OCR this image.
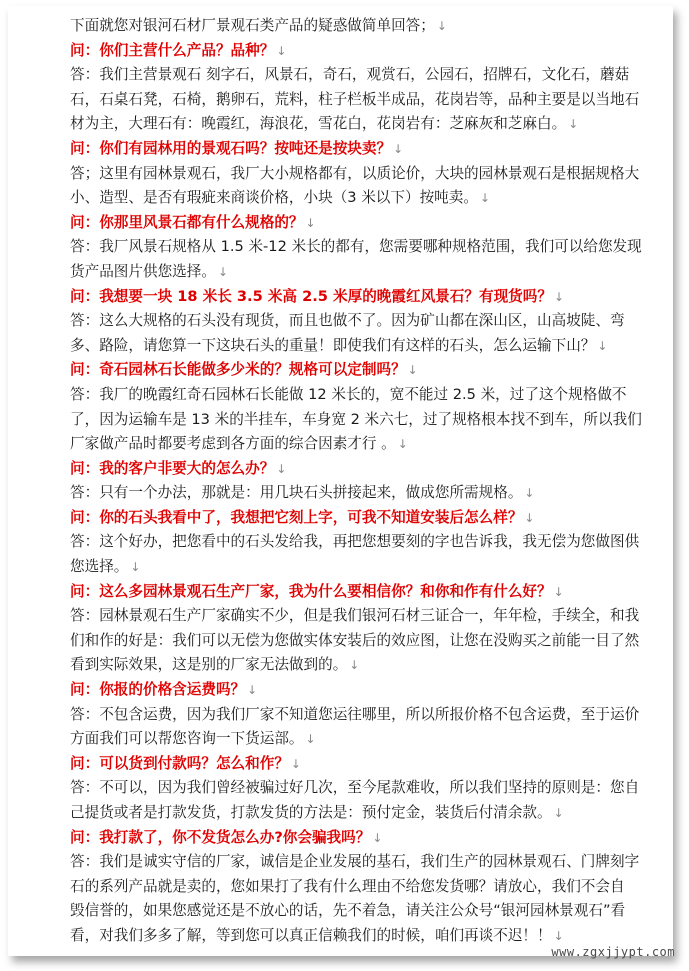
下面就您对银河石材厂景观石类产品的疑惑做简单回答； ↓
问：你们主营什么产品？品种？ ↓
答：我们主营景观石 刻字石，风景石，奇石，观赏石，公园石，招牌石，文化石，蘑菇
石，石桌石凳，石椅，鹅卵石，荒料，柱子栏板半成品，花岗岩等，品种主要是以当地石
材为主，大理石有：晚霞红，海浪花，雪花白，花岗岩有：芝麻灰和芝麻白。 ↓
问：你们有园林用的景观石吗？按吨还是按块卖？ ↓
答；这里有园林景观石，我厂大小规格都有，以质论价，大块的园林景观石是根据规格大
小、造型、是否有瑕疵来商谈价格，小块（3 米以下）按吨卖。 ↓
问：你那里风景石都有什么规格的？ ↓
答：我厂风景石规格从 1.5 米-12 米长的都有，您需要哪种规格范围，我们可以给您发现
货产品图片供您选择。 ↓
问：我想要一块 18 米长 3.5 米高 2.5 米厚的晚霞红风景石？有现货吗？ ↓
答：这么大规格的石头没有现货，而且也做不了。因为矿山都在深山区，山高坡陡、弯
多、路险，请您算一下这块石头的重量！即使我们有这样的石头，怎么运输下山？ ↓
问：奇石园林石长能做多少米的？规格可以定制吗？ ↓
答：我厂的晚霞红奇石园林石长能做 12 米长的，宽不能过 2.5 米，过了这个规格做不
了，因为运输车是 13 米的半挂车，车身宽 2 米六七，过了规格根本找不到车，所以我们
厂家做产品时都要考虑到各方面的综合因素才行 。 ↓
问：我的客户非要大的怎么办？ ↓
答：只有一个办法，那就是：用几块石头拼接起来，做成您所需规格。 ↓
问：你的石头我看中了，我想把它刻上字，可我不知道安装后怎么样？ ↓
答：这个好办，把您看中的石头发给我，再把您想要刻的字也告诉我，我无偿为您做图供
您选择。 ↓
问：这么多园林景观石生产厂家，我为什么要相信你？和你和作有什么好？ ↓
答：园林景观石生产厂家确实不少，但是我们银河石材三证合一，年年检，手续全，和我
们和作的好是：我们可以无偿为您做实体安装后的效应图，让您在没购买之前能一目了然
看到实际效果，这是别的厂家无法做到的。 ↓
问：你报的价格含运费吗？ ↓
答：不包含运费，因为我们厂家不知道您运往哪里，所以所报价格不包含运费，至于运价
方面我们可以帮您咨询一下货运部。 ↓
问：可以货到付款吗？怎么和作？ ↓
答：不可以，因为我们曾经被骗过好几次，至今尾款难收，所以我们坚持的原则是：您自
己提货或者是打款发货，打款发货的方法是：预付定金，装货后付清余款。 ↓
问：我打款了，你不发货怎么办?你会骗我吗？ ↓
答：我们是诚实守信的厂家，诚信是企业发展的基石，我们生产的园林景观石、门牌刻字
石的系列产品就是卖的，您如果打了我有什么理由不给您发货哪？请放心，我们不会自
毁信誉的，如果您感觉还是不放心的话，先不着急，请关注公众号“银河园林景观石”看
看，对我们多多了解，等到您可以真正信赖我们的时候，咱们再谈不迟！！ ↓
www.zgxjjypt.com
